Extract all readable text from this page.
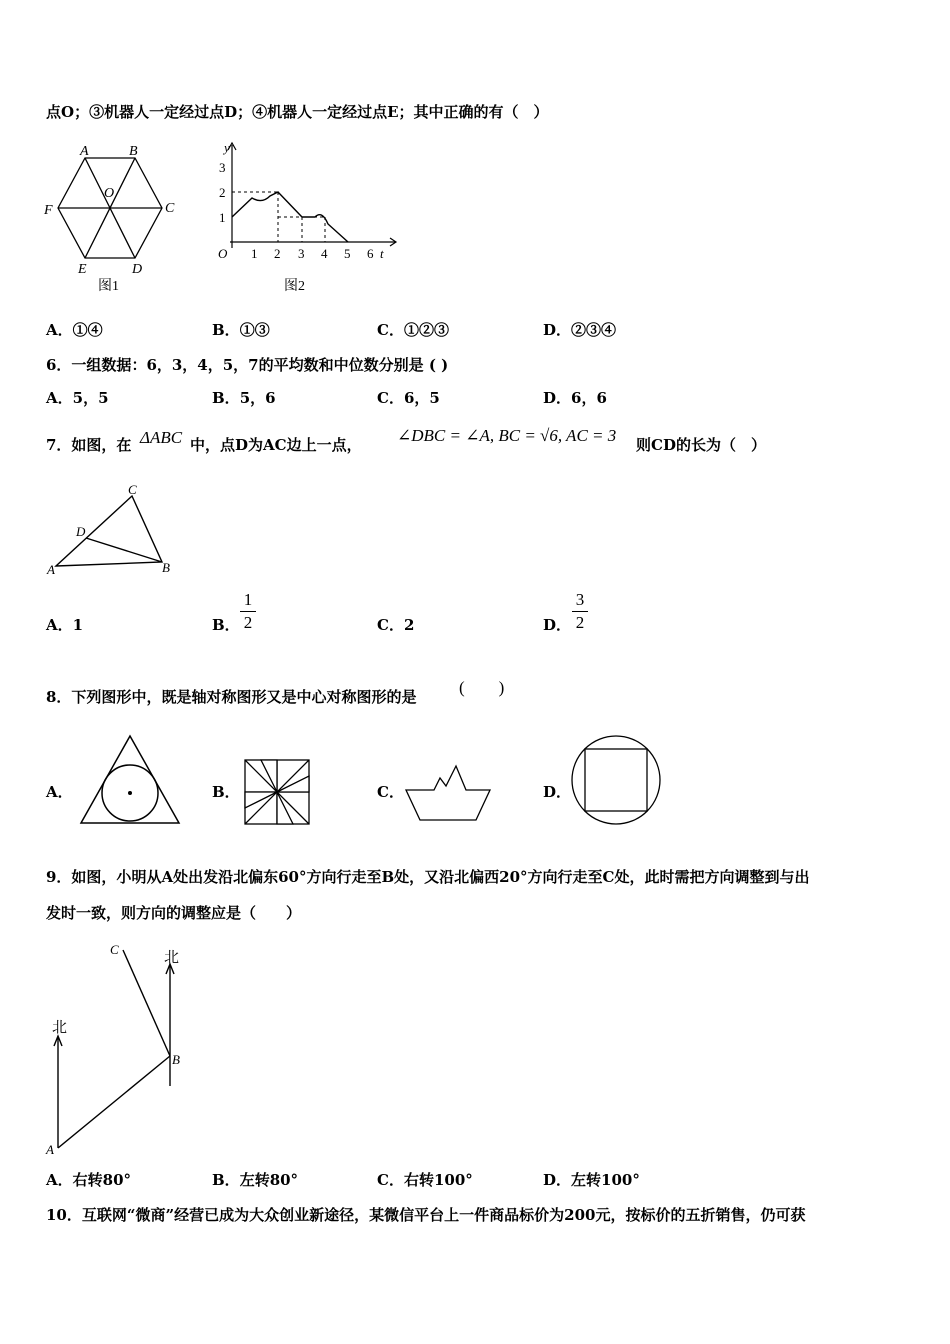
点O；③机器人一定经过点D；④机器人一定经过点E；其中正确的有（　）
A	B
C
D
E
F
O
图1
O
y
t
1 2 3 4 5 6
1
2
3
图2
A．①④	B．①③	C．①②③	D．②③④
6．一组数据：6，3，4，5，7的平均数和中位数分别是 ( )
A．5，5	B．5，6	C．6，5	D．6，6
7．如图，在 ΔABC 中，点D为AC边上一点， ∠DBC = ∠A, BC = √6, AC = 3 则CD的长为（　）
A	B
C
D
A．1	B．
1
2	C．2	D．
3
2
8．下列图形中，既是轴对称图形又是中心对称图形的是	(　　)
A．	B．	C．	D．
9．如图，小明从A处出发沿北偏东60°方向行走至B处，又沿北偏西20°方向行走至C处，此时需把方向调整到与出
发时一致，则方向的调整应是（　　）
北
北
A
B
C
A．右转80°	B．左转80°	C．右转100°	D．左转100°
10．互联网“微商”经营已成为大众创业新途径，某微信平台上一件商品标价为200元，按标价的五折销售，仍可获
